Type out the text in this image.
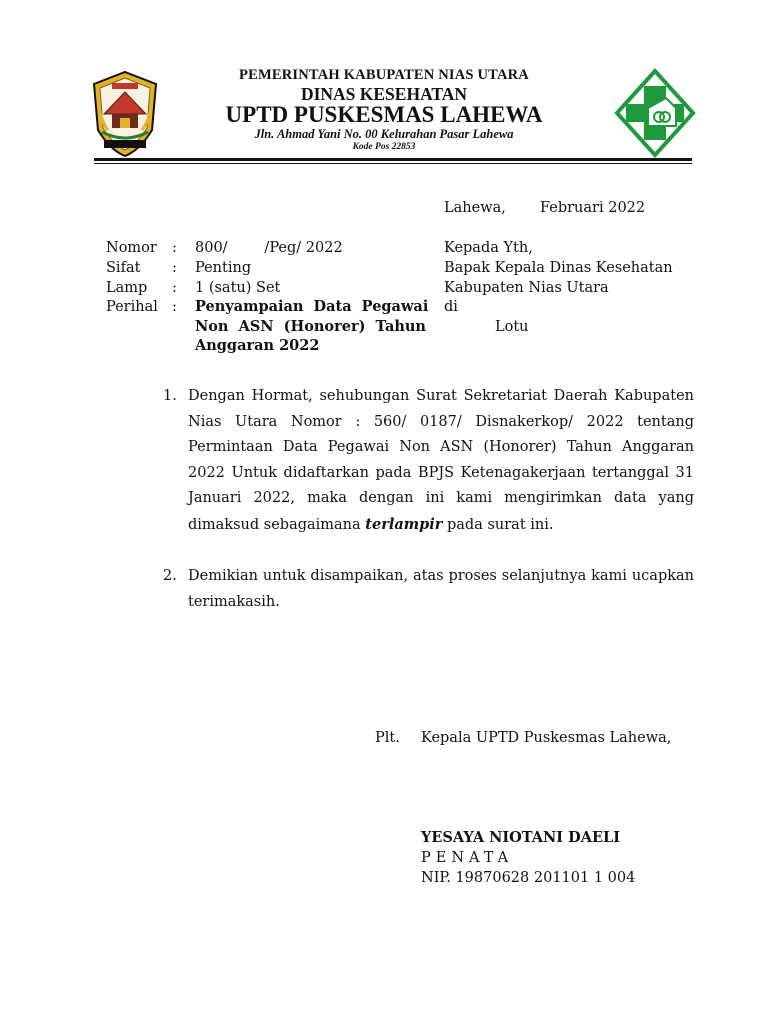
PEMERINTAH KABUPATEN NIAS UTARA
DINAS KESEHATAN
UPTD PUSKESMAS LAHEWA
Jln. Ahmad Yani No. 00 Kelurahan Pasar Lahewa
Kode Pos 22853
Lahewa, Februari 2022
Nomor : 800/        /Peg/ 2022
Sifat : Penting
Lamp : 1 (satu) Set
Perihal : Penyampaian  Data  Pegawai
Non  ASN  (Honorer)  Tahun
Anggaran 2022
Kepada Yth,
Bapak Kepala Dinas Kesehatan
Kabupaten Nias Utara
di
Lotu
1. Dengan Hormat, sehubungan Surat Sekretariat Daerah Kabupaten Nias Utara Nomor : 560/ 0187/ Disnakerkop/ 2022 tentang Permintaan Data Pegawai Non ASN (Honorer) Tahun Anggaran 2022 Untuk didaftarkan pada BPJS Ketenagakerjaan tertanggal 31 Januari 2022, maka dengan ini kami mengirimkan data yang dimaksud sebagaimana terlampir pada surat ini.
2. Demikian untuk disampaikan, atas proses selanjutnya kami ucapkan terimakasih.
Plt. Kepala UPTD Puskesmas Lahewa,
YESAYA NIOTANI DAELI
PENATA
NIP. 19870628 201101 1 004
